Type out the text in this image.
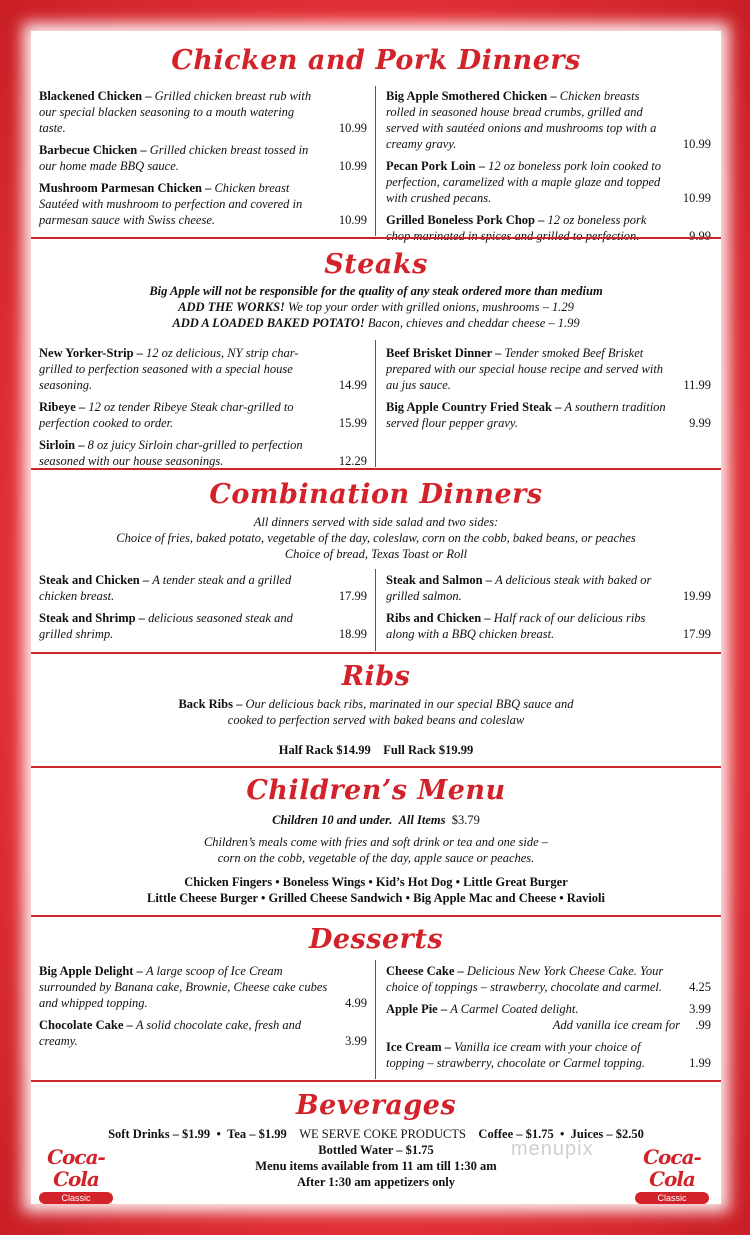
Chicken and Pork Dinners
Blackened Chicken – Grilled chicken breast rub with our special blacken seasoning to a mouth watering taste.	10.99
Barbecue Chicken – Grilled chicken breast tossed in our home made BBQ sauce.	10.99
Mushroom Parmesan Chicken – Chicken breast Sautéed with mushroom to perfection and covered in parmesan sauce with Swiss cheese.	10.99
Big Apple Smothered Chicken – Chicken breasts rolled in seasoned house bread crumbs, grilled and served with sautéed onions and mushrooms top with a creamy gravy.	10.99
Pecan Pork Loin – 12 oz boneless pork loin cooked to perfection, caramelized with a maple glaze and topped with crushed pecans.	10.99
Grilled Boneless Pork Chop – 12 oz boneless pork chop marinated in spices and grilled to perfection.	9.99
Steaks
Big Apple will not be responsible for the quality of any steak ordered more than medium
ADD THE WORKS! We top your order with grilled onions, mushrooms – 1.29
ADD A LOADED BAKED POTATO! Bacon, chieves and cheddar cheese – 1.99
New Yorker-Strip – 12 oz delicious, NY strip char-grilled to perfection seasoned with a special house seasoning.	14.99
Ribeye – 12 oz tender Ribeye Steak char-grilled to perfection cooked to order.	15.99
Sirloin – 8 oz juicy Sirloin char-grilled to perfection seasoned with our house seasonings.	12.29
Beef Brisket Dinner – Tender smoked Beef Brisket prepared with our special house recipe and served with au jus sauce.	11.99
Big Apple Country Fried Steak – A southern tradition served flour pepper gravy.	9.99
Combination Dinners
All dinners served with side salad and two sides:
Choice of fries, baked potato, vegetable of the day, coleslaw, corn on the cobb, baked beans, or peaches
Choice of bread, Texas Toast or Roll
Steak and Chicken – A tender steak and a grilled chicken breast.	17.99
Steak and Shrimp – delicious seasoned steak and grilled shrimp.	18.99
Steak and Salmon – A delicious steak with baked or grilled salmon.	19.99
Ribs and Chicken – Half rack of our delicious ribs along with a BBQ chicken breast.	17.99
Ribs
Back Ribs – Our delicious back ribs, marinated in our special BBQ sauce and
cooked to perfection served with baked beans and coleslaw
Half Rack $14.99 Full Rack $19.99
Children’s Menu
Children 10 and under. All Items $3.79
Children’s meals come with fries and soft drink or tea and one side –
corn on the cobb, vegetable of the day, apple sauce or peaches.
Chicken Fingers • Boneless Wings • Kid’s Hot Dog • Little Great Burger
Little Cheese Burger • Grilled Cheese Sandwich • Big Apple Mac and Cheese • Ravioli
Desserts
Big Apple Delight – A large scoop of Ice Cream surrounded by Banana cake, Brownie, Cheese cake cubes and whipped topping.	4.99
Chocolate Cake – A solid chocolate cake, fresh and creamy.	3.99
Cheese Cake – Delicious New York Cheese Cake. Your choice of toppings – strawberry, chocolate and carmel. 4.25
Apple Pie – A Carmel Coated delight.	3.99
Add vanilla ice cream for .99
Ice Cream – Vanilla ice cream with your choice of topping – strawberry, chocolate or Carmel topping.	1.99
Beverages
Soft Drinks – $1.99  •  Tea – $1.99 WE SERVE COKE PRODUCTS Coffee – $1.75  •  Juices – $2.50
Bottled Water – $1.75
Menu items available from 11 am till 1:30 am
After 1:30 am appetizers only
Coca-Cola
Classic
Coca-Cola
Classic
menupix
